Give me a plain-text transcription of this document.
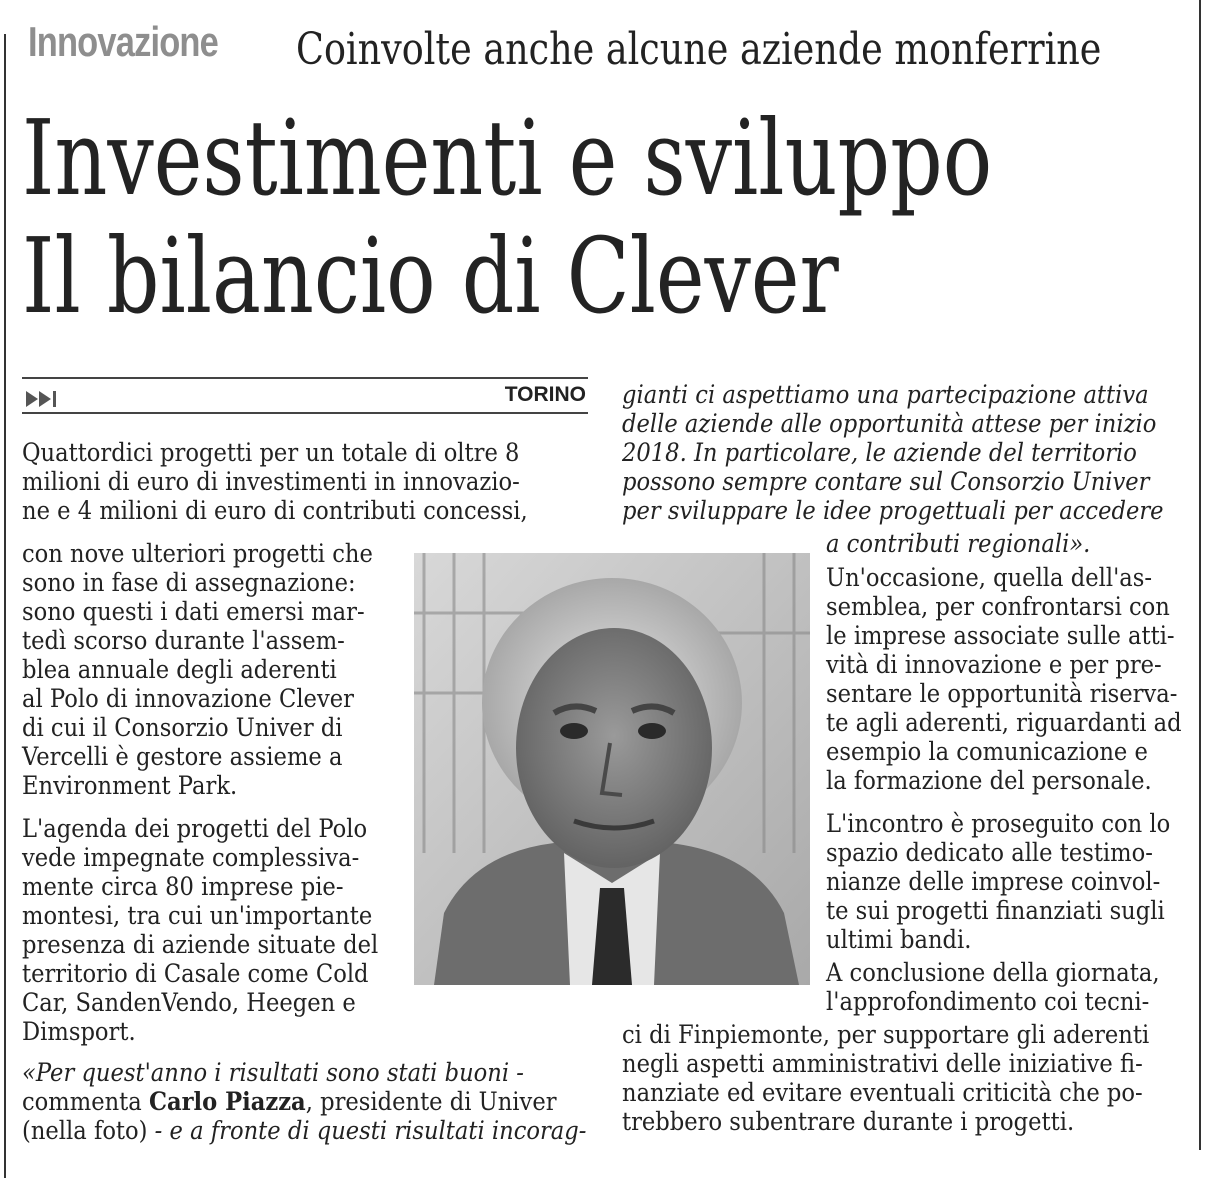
Innovazione Coinvolte anche alcune aziende monferrine
Investimenti e sviluppo
Il bilancio di Clever
TORINO
Quattordici progetti per un totale di oltre 8
milioni di euro di investimenti in innovazio-
ne e 4 milioni di euro di contributi concessi,
con nove ulteriori progetti che
sono in fase di assegnazione:
sono questi i dati emersi mar-
tedì scorso durante l'assem-
blea annuale degli aderenti
al Polo di innovazione Clever
di cui il Consorzio Univer di
Vercelli è gestore assieme a
Environment Park.
L'agenda dei progetti del Polo
vede impegnate complessiva-
mente circa 80 imprese pie-
montesi, tra cui un'importante
presenza di aziende situate del
territorio di Casale come Cold
Car, SandenVendo, Heegen e
Dimsport.
«Per quest'anno i risultati sono stati buoni -
commenta Carlo Piazza, presidente di Univer
(nella foto) - e a fronte di questi risultati incorag-
gianti ci aspettiamo una partecipazione attiva
delle aziende alle opportunità attese per inizio
2018. In particolare, le aziende del territorio
possono sempre contare sul Consorzio Univer
per sviluppare le idee progettuali per accedere
a contributi regionali».
Un'occasione, quella dell'as-
semblea, per confrontarsi con
le imprese associate sulle atti-
vità di innovazione e per pre-
sentare le opportunità riserva-
te agli aderenti, riguardanti ad
esempio la comunicazione e
la formazione del personale.
L'incontro è proseguito con lo
spazio dedicato alle testimo-
nianze delle imprese coinvol-
te sui progetti finanziati sugli
ultimi bandi.
A conclusione della giornata,
l'approfondimento coi tecni-
ci di Finpiemonte, per supportare gli aderenti
negli aspetti amministrativi delle iniziative fi-
nanziate ed evitare eventuali criticità che po-
trebbero subentrare durante i progetti.
